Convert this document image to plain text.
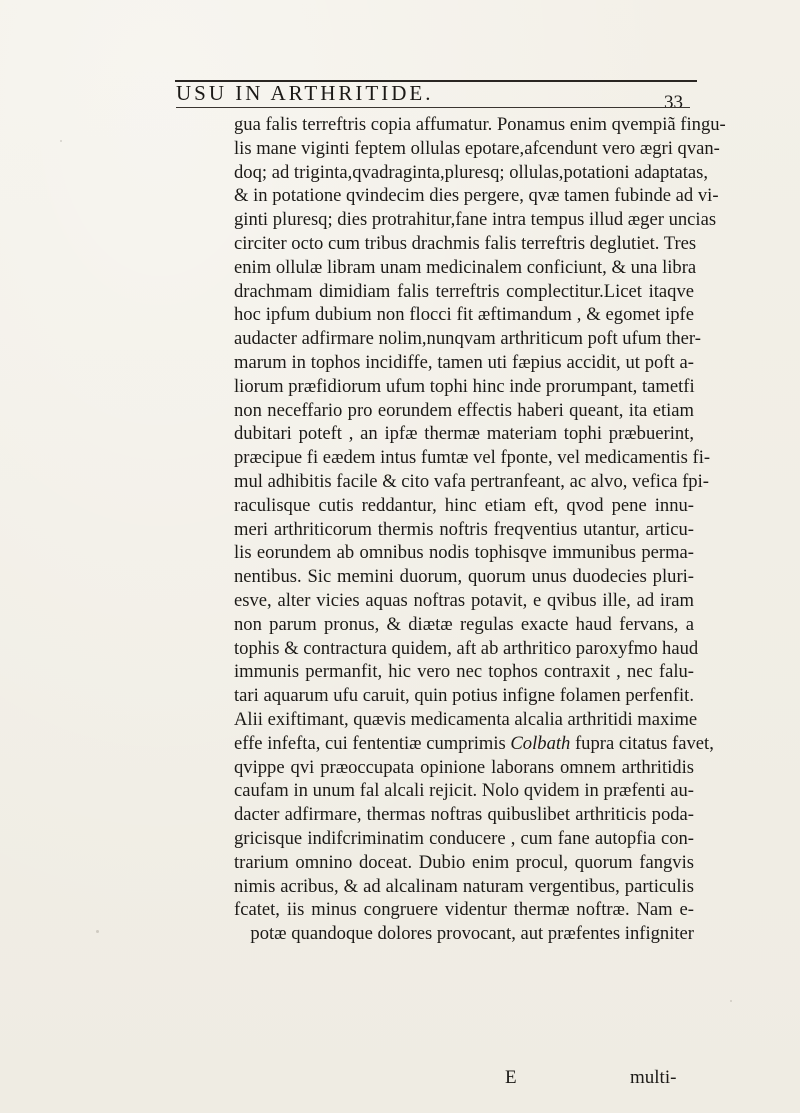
USU IN ARTHRITIDE.	33
gua falis terreftris copia affumatur. Ponamus enim qvempiã fingu-
lis mane viginti feptem ollulas epotare,afcendunt vero ægri qvan-
doq; ad triginta,qvadraginta,pluresq; ollulas,potationi adaptatas,
& in potatione qvindecim dies pergere, qvæ tamen fubinde ad vi-
ginti pluresq; dies protrahitur,fane intra tempus illud æger uncias
circiter octo cum tribus drachmis falis terreftris deglutiet. Tres
enim ollulæ libram unam medicinalem conficiunt, & una libra
drachmam dimidiam falis terreftris complectitur.Licet itaqve
hoc ipfum dubium non flocci fit æftimandum , & egomet ipfe
audacter adfirmare nolim,nunqvam arthriticum poft ufum ther-
marum in tophos incidiffe, tamen uti fæpius accidit, ut poft a-
liorum præfidiorum ufum tophi hinc inde prorumpant, tametfi
non neceffario pro eorundem effectis haberi queant, ita etiam
dubitari poteft , an ipfæ thermæ materiam tophi præbuerint,
præcipue fi eædem intus fumtæ vel fponte, vel medicamentis fi-
mul adhibitis facile & cito vafa pertranfeant, ac alvo, vefica fpi-
raculisque cutis reddantur, hinc etiam eft, qvod pene innu-
meri arthriticorum thermis noftris freqventius utantur, articu-
lis eorundem ab omnibus nodis tophisqve immunibus perma-
nentibus. Sic memini duorum, quorum unus duodecies pluri-
esve, alter vicies aquas noftras potavit, e qvibus ille, ad iram
non parum pronus, & diætæ regulas exacte haud fervans, a
tophis & contractura quidem, aft ab arthritico paroxyfmo haud
immunis permanfit, hic vero nec tophos contraxit , nec falu-
tari aquarum ufu caruit, quin potius infigne folamen perfenfit.
Alii exiftimant, quævis medicamenta alcalia arthritidi maxime
effe infefta, cui fententiæ cumprimis Colbath fupra citatus favet,
qvippe qvi præoccupata opinione laborans omnem arthritidis
caufam in unum fal alcali rejicit. Nolo qvidem in præfenti au-
dacter adfirmare, thermas noftras quibuslibet arthriticis poda-
gricisque indifcriminatim conducere , cum fane autopfia con-
trarium omnino doceat. Dubio enim procul, quorum fangvis
nimis acribus, & ad alcalinam naturam vergentibus, particulis
fcatet, iis minus congruere videntur thermæ noftræ. Nam e-
potæ quandoque dolores provocant, aut præfentes infigniter
E	multi-
